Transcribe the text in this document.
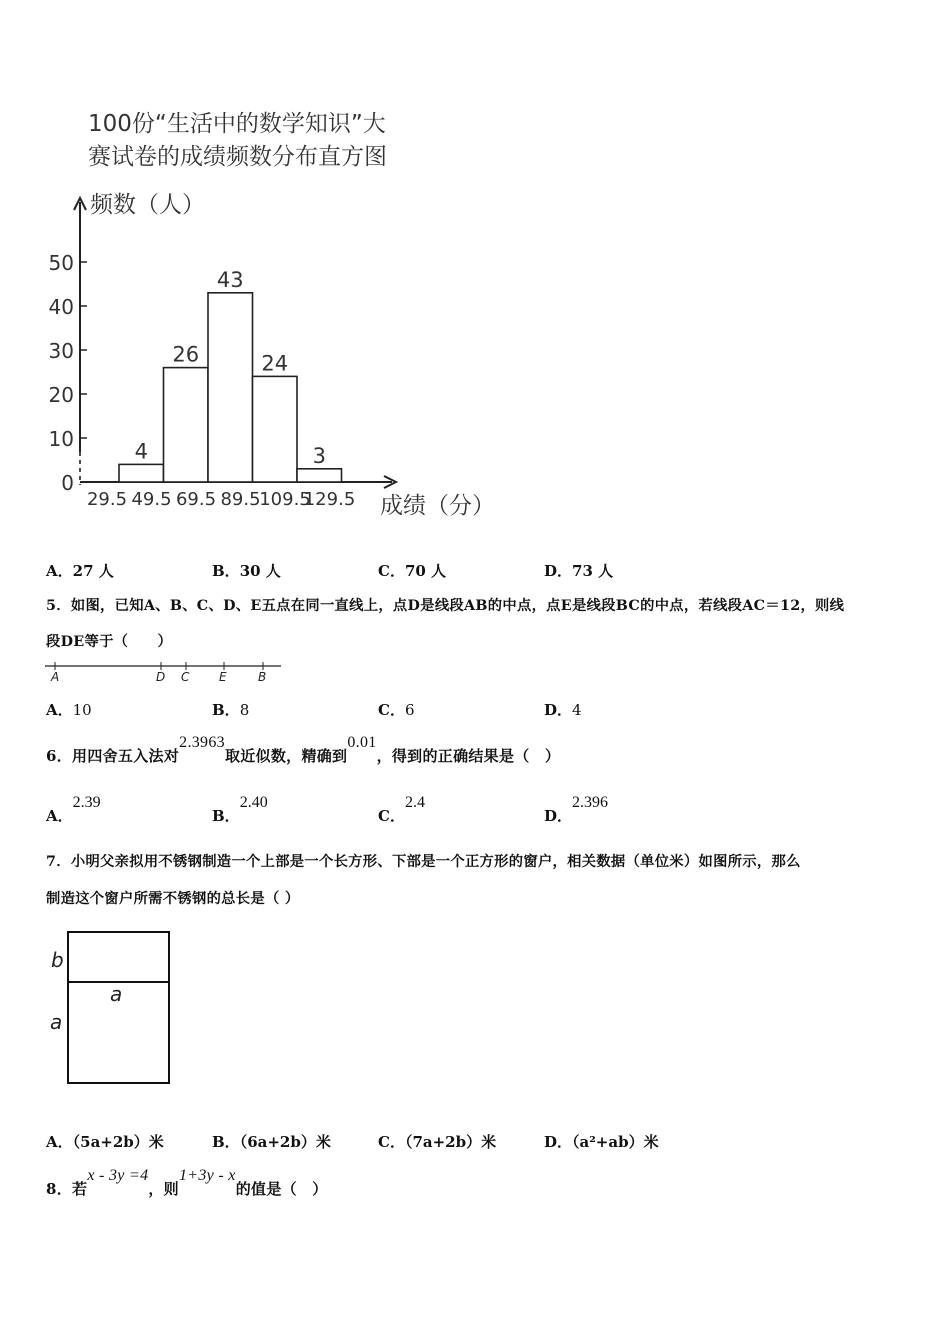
100份“生活中的数学知识”大
赛试卷的成绩频数分布直方图
频数（人）
成绩（分）
0
10
20
30
40
50
29.5 49.5 69.5 89.5
109.5
129.5
4
26
43
24
3
A．27 人	B．30 人	C．70 人	D．73 人
5．如图，已知A、B、C、D、E五点在同一直线上，点D是线段AB的中点，点E是线段BC的中点，若线段AC＝12，则线
段DE等于（　　）
A	D C E	B
A．10	B．8	C．6	D．4
6．用四舍五入法对2.3963取近似数，精确到0.01，得到的正确结果是（　）
A．2.39
B．2.40
C．2.4
D．2.396
7．小明父亲拟用不锈钢制造一个上部是一个长方形、下部是一个正方形的窗户，相关数据（单位米）如图所示，那么
制造这个窗户所需不锈钢的总长是（ ）
b
a
a
A．（5a+2b）米	B．（6a+2b）米	C．（7a+2b）米	D．（a²+ab）米
8．若x - 3y =4，则1+3y - x的值是（　）
